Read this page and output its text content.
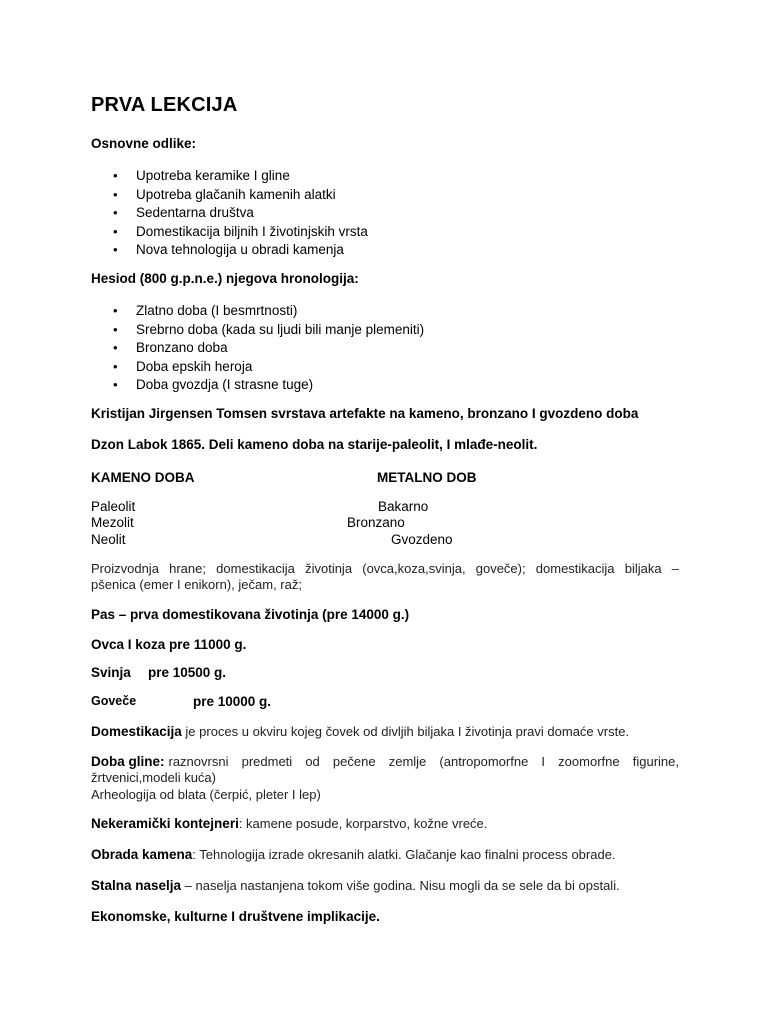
PRVA LEKCIJA
Osnovne odlike:
• Upotreba keramike I gline
• Upotreba glačanih kamenih alatki
• Sedentarna društva
• Domestikacija biljnih I životinjskih vrsta
• Nova tehnologija u obradi kamenja
Hesiod (800 g.p.n.e.) njegova hronologija:
• Zlatno doba (I besmrtnosti)
• Srebrno doba (kada su ljudi bili manje plemeniti)
• Bronzano doba
• Doba epskih heroja
• Doba gvozdja (I strasne tuge)
Kristijan Jirgensen Tomsen svrstava artefakte na kameno, bronzano I gvozdeno doba
Dzon Labok 1865. Deli kameno doba na starije-paleolit, I mlađe-neolit.
KAMENO DOBA	METALNO DOB
Paleolit
Mezolit
Neolit
Bakarno
Bronzano
Gvozdeno
Proizvodnja hrane; domestikacija životinja (ovca,koza,svinja, goveče); domestikacija biljaka –
pšenica (emer I enikorn), ječam, raž;
Pas – prva domestikovana životinja (pre 14000 g.)
Ovca I koza pre 11000 g.
Svinja pre 10500 g.
Goveče	pre 10000 g.
Domestikacija je proces u okviru kojeg čovek od divljih biljaka I životinja pravi domaće vrste.
Doba gline: raznovrsni predmeti od pečene zemlje (antropomorfne I zoomorfne figurine,
žrtvenici,modeli kuća)
Arheologija od blata (čerpić, pleter I lep)
Nekeramički kontejneri: kamene posude, korparstvo, kožne vreće.
Obrada kamena: Tehnologija izrade okresanih alatki. Glačanje kao finalni process obrade.
Stalna naselja – naselja nastanjena tokom više godina. Nisu mogli da se sele da bi opstali.
Ekonomske, kulturne I društvene implikacije.
